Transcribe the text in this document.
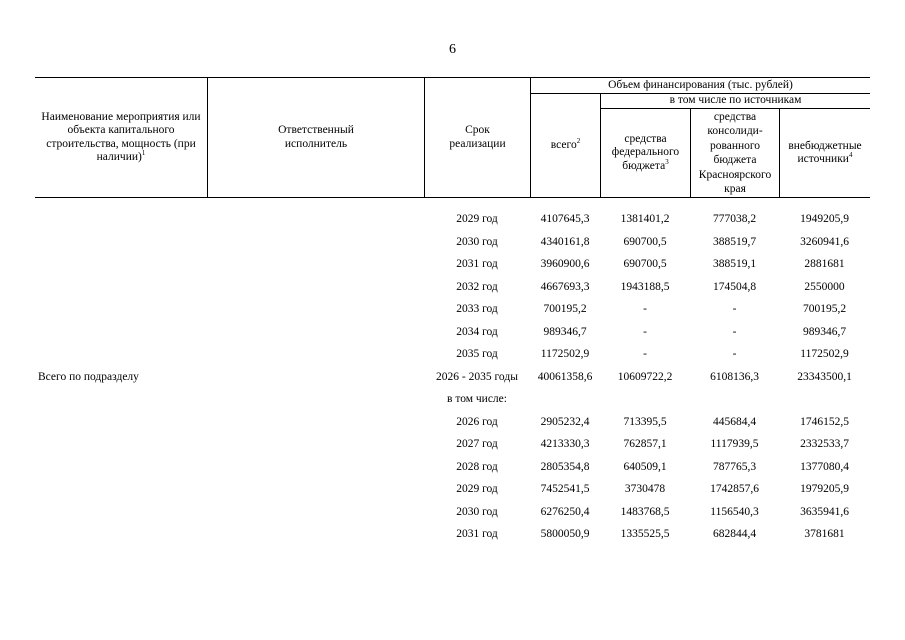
6
Наименование мероприятия или объекта капитального строительства, мощность (при наличии)$^1$
Ответственный исполнитель
Срок реализации
Объем финансирования (тыс. рублей)
в том числе по источникам
всего$^2$	средства федерального бюджета$^3$
средства консолиди-рованного бюджета Красноярского края
внебюджетные источники$^4$
2029 год	4107645,3	1381401,2	777038,2	1949205,9
2030 год	4340161,8	690700,5	388519,7	3260941,6
2031 год	3960900,6	690700,5	388519,1	2881681
2032 год	4667693,3	1943188,5	174504,8	2550000
2033 год	700195,2	-	-	700195,2
2034 год	989346,7	-	-	989346,7
2035 год	1172502,9	-	-	1172502,9
Всего по подразделу	2026 - 2035 годы	40061358,6	10609722,2	6108136,3	23343500,1
в том числе:
2026 год	2905232,4	713395,5	445684,4	1746152,5
2027 год	4213330,3	762857,1	1117939,5	2332533,7
2028 год	2805354,8	640509,1	787765,3	1377080,4
2029 год	7452541,5	3730478	1742857,6	1979205,9
2030 год	6276250,4	1483768,5	1156540,3	3635941,6
2031 год	5800050,9	1335525,5	682844,4	3781681
